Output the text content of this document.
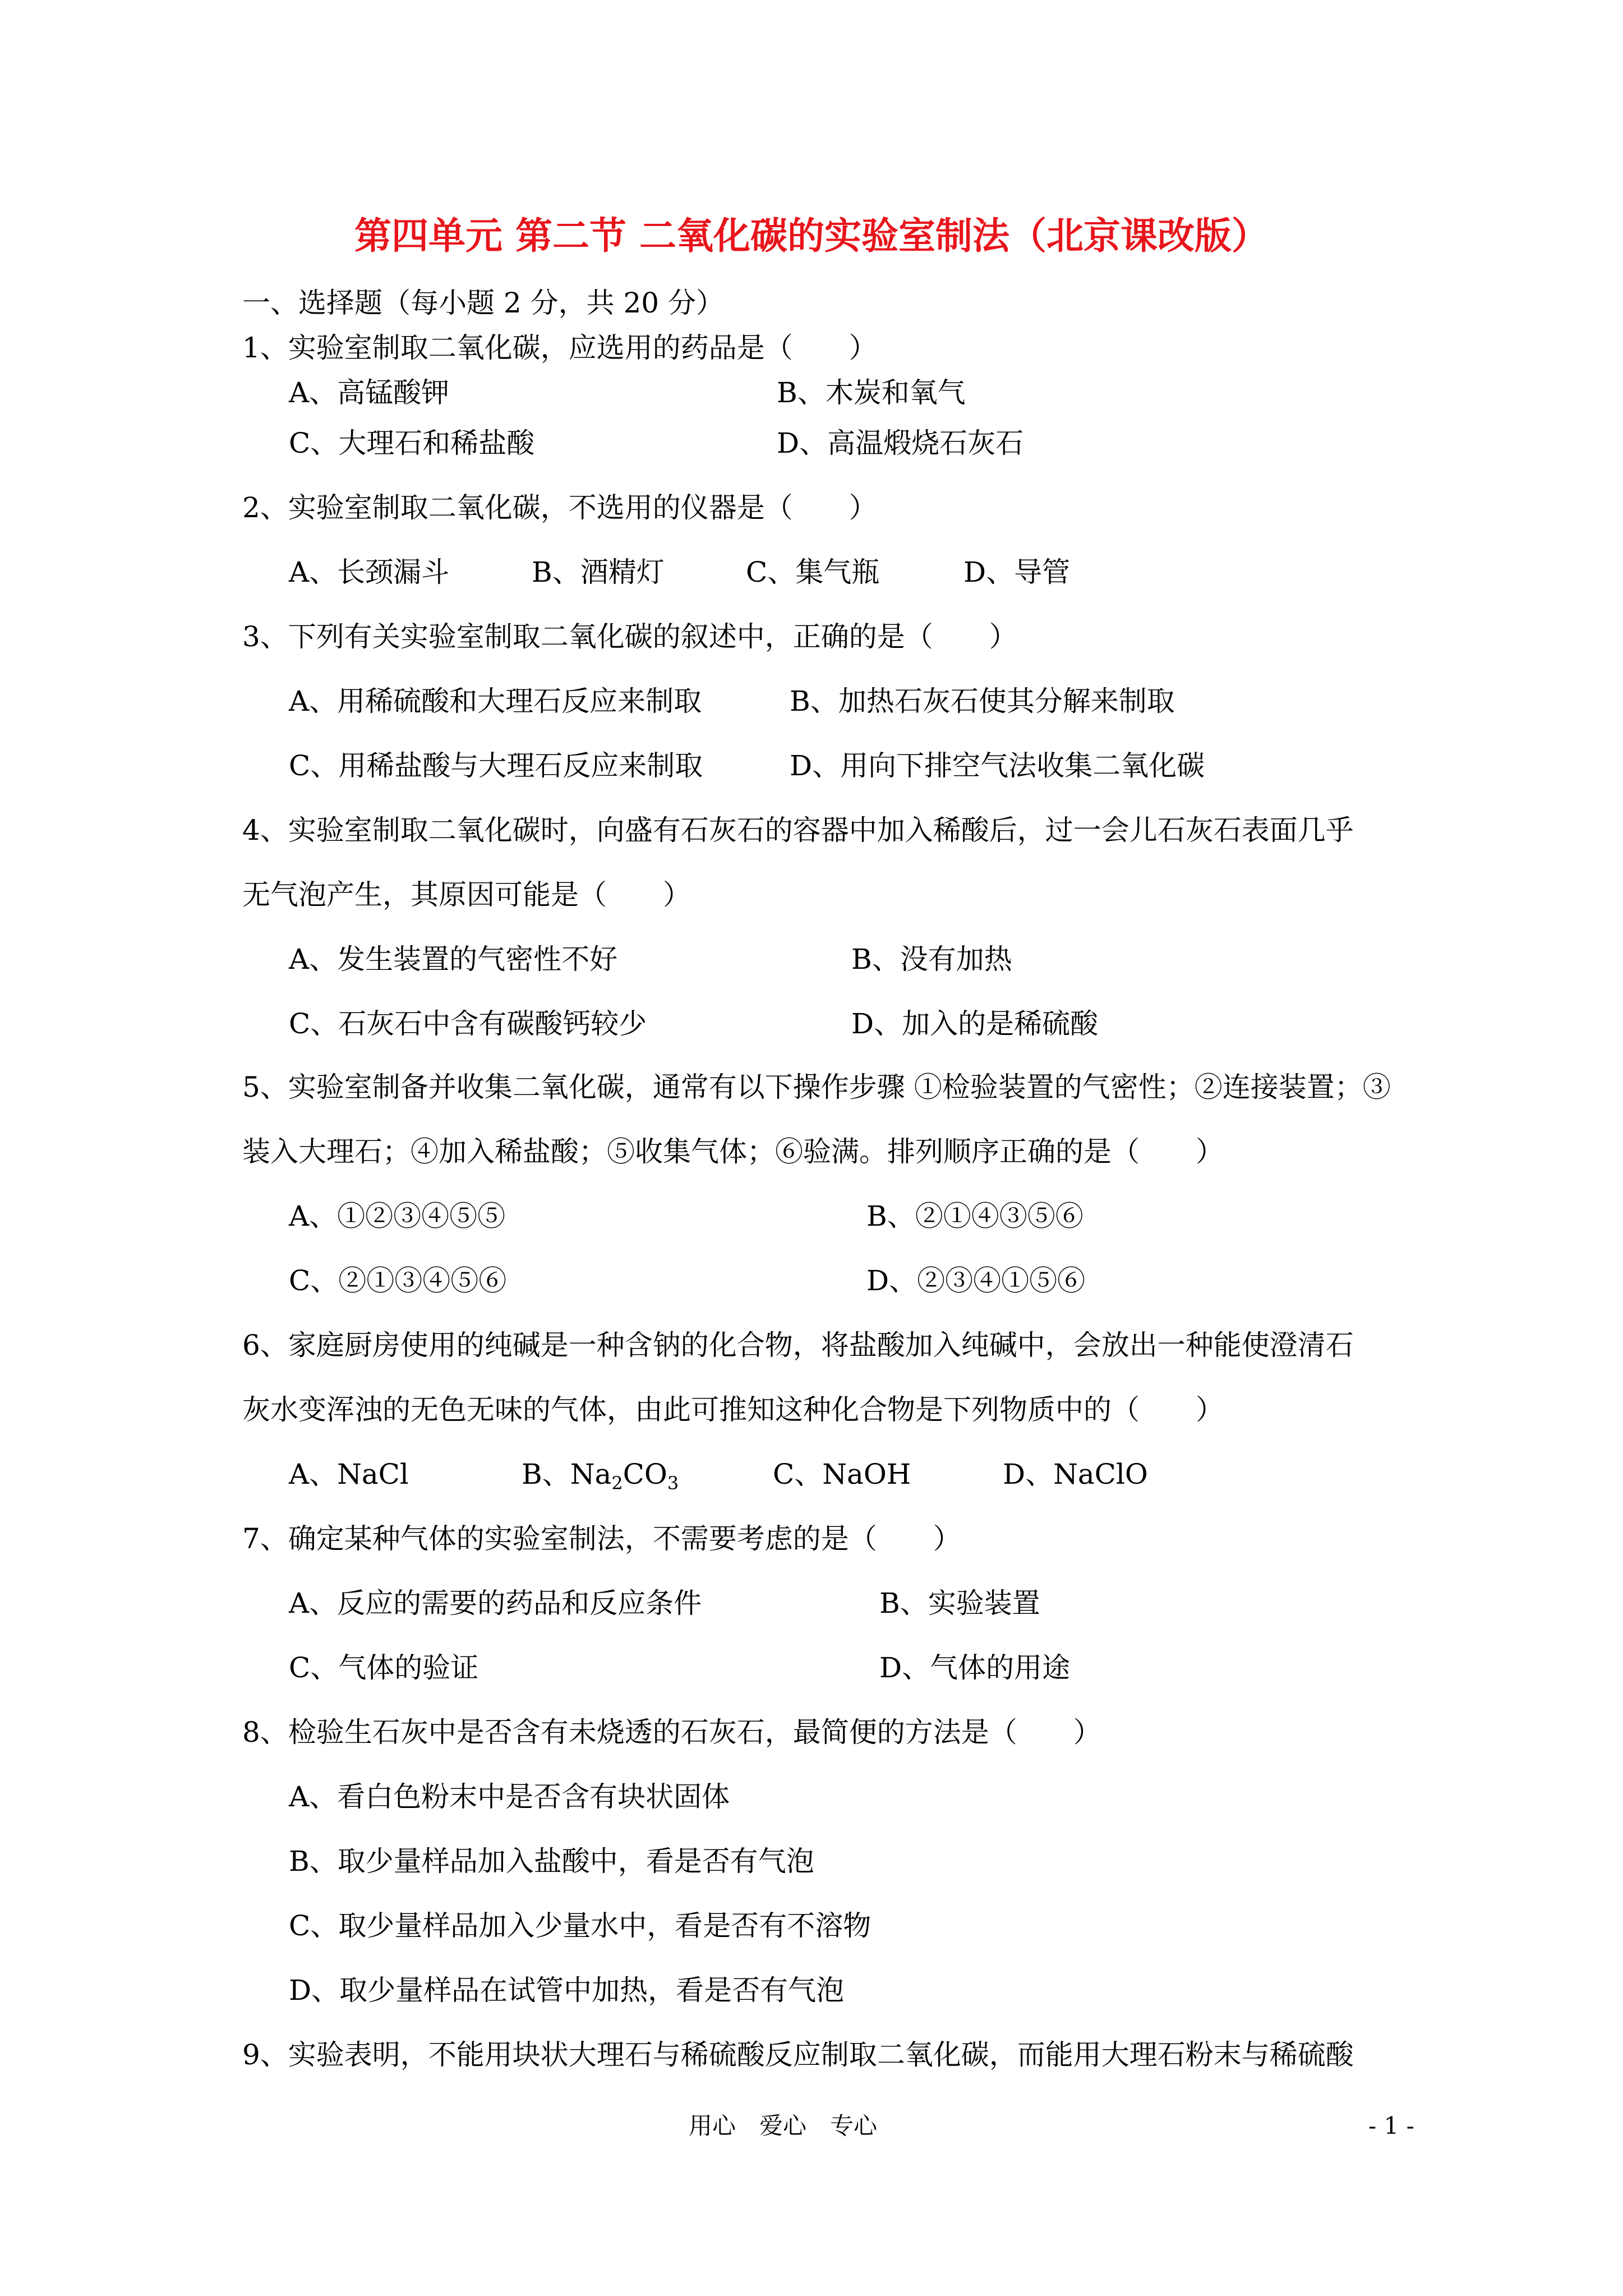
第四单元 第二节 二氧化碳的实验室制法（北京课改版）
一、选择题（每小题 2 分，共 20 分）
1、实验室制取二氧化碳，应选用的药品是（　　）
A、高锰酸钾	B、木炭和氧气
C、大理石和稀盐酸	D、高温煅烧石灰石
2、实验室制取二氧化碳，不选用的仪器是（　　）
A、长颈漏斗	B、酒精灯	C、集气瓶	D、导管
3、下列有关实验室制取二氧化碳的叙述中，正确的是（　　）
A、用稀硫酸和大理石反应来制取	B、加热石灰石使其分解来制取
C、用稀盐酸与大理石反应来制取	D、用向下排空气法收集二氧化碳
4、实验室制取二氧化碳时，向盛有石灰石的容器中加入稀酸后，过一会儿石灰石表面几乎
无气泡产生，其原因可能是（　　）
A、发生装置的气密性不好	B、没有加热
C、石灰石中含有碳酸钙较少	D、加入的是稀硫酸
5、实验室制备并收集二氧化碳，通常有以下操作步骤 ①检验装置的气密性；②连接装置；③
装入大理石；④加入稀盐酸；⑤收集气体；⑥验满。排列顺序正确的是（　　）
A、①②③④⑤⑤	B、②①④③⑤⑥
C、②①③④⑤⑥	D、②③④①⑤⑥
6、家庭厨房使用的纯碱是一种含钠的化合物，将盐酸加入纯碱中，会放出一种能使澄清石
灰水变浑浊的无色无味的气体，由此可推知这种化合物是下列物质中的（　　）
A、NaCl	B、$Na_2CO_3$	C、NaOH	D、NaClO
7、确定某种气体的实验室制法，不需要考虑的是（　　）
A、反应的需要的药品和反应条件	B、实验装置
C、气体的验证	D、气体的用途
8、检验生石灰中是否含有未烧透的石灰石，最简便的方法是（　　）
A、看白色粉末中是否含有块状固体
B、取少量样品加入盐酸中，看是否有气泡
C、取少量样品加入少量水中，看是否有不溶物
D、取少量样品在试管中加热，看是否有气泡
9、实验表明，不能用块状大理石与稀硫酸反应制取二氧化碳，而能用大理石粉末与稀硫酸
用心　爱心　专心	- 1 -
